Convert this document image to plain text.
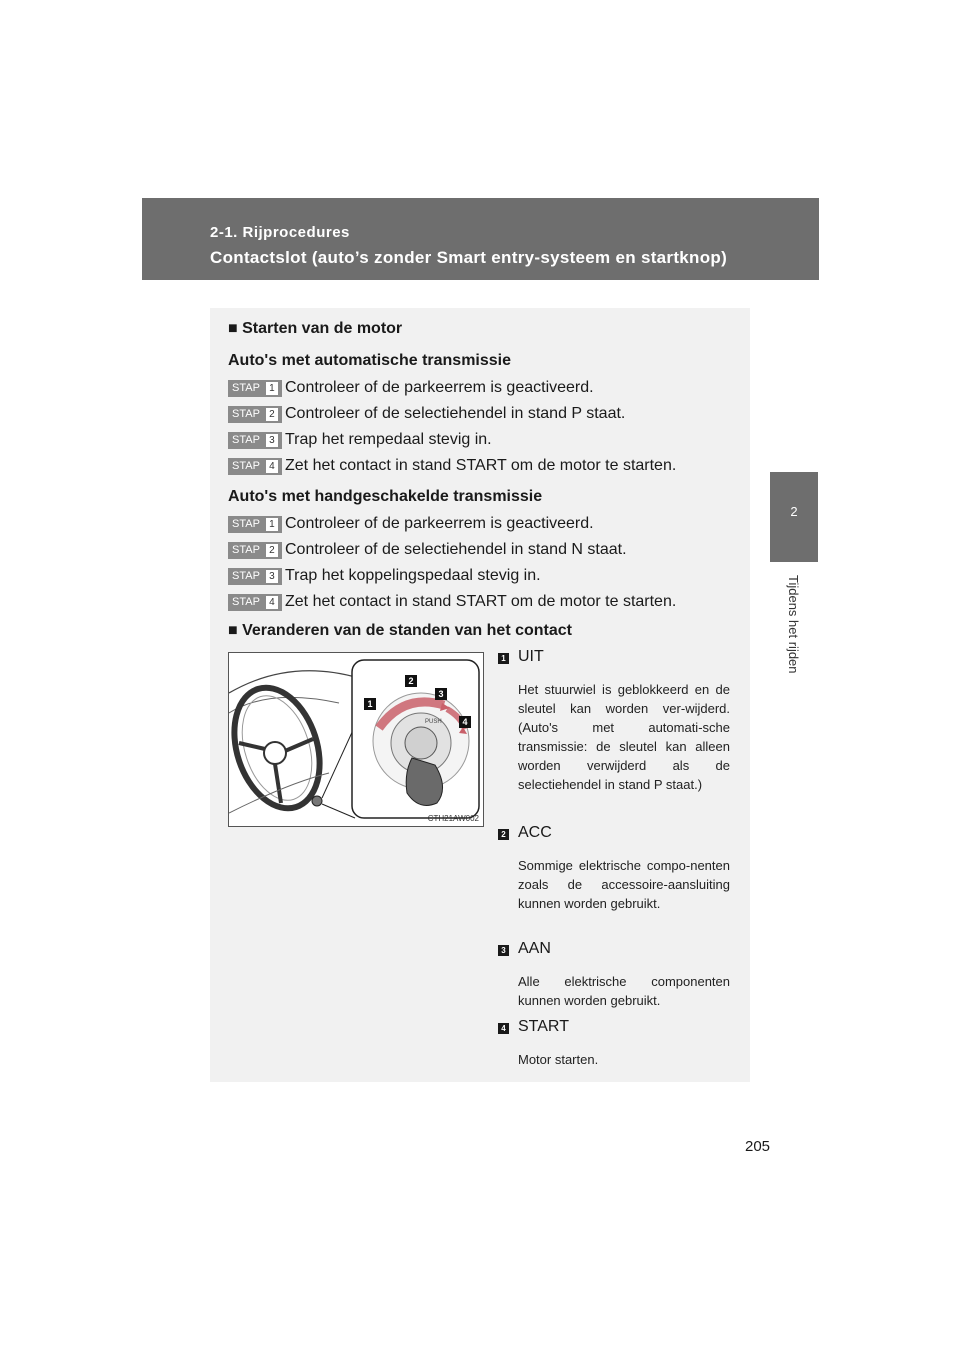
2-1. Rijprocedures
Contactslot (auto’s zonder Smart entry-systeem en startknop)
2
Tijdens het rijden
■ Starten van de motor
Auto's met automatische transmissie
STAP 1 Controleer of de parkeerrem is geactiveerd.
STAP 2 Controleer of de selectiehendel in stand P staat.
STAP 3 Trap het rempedaal stevig in.
STAP 4 Zet het contact in stand START om de motor te starten.
Auto's met handgeschakelde transmissie
STAP 1 Controleer of de parkeerrem is geactiveerd.
STAP 2 Controleer of de selectiehendel in stand N staat.
STAP 3 Trap het koppelingspedaal stevig in.
STAP 4 Zet het contact in stand START om de motor te starten.
■ Veranderen van de standen van het contact
PUSH
1
2
3
4
CTH21AW002
1 UIT
Het stuurwiel is geblokkeerd en de sleutel kan worden ver-wijderd. (Auto's met automati-sche transmissie: de sleutel kan alleen worden verwijderd als de selectiehendel in stand P staat.)
2 ACC
Sommige elektrische compo-nenten zoals de accessoire-aansluiting kunnen worden gebruikt.
3 AAN
Alle elektrische componenten kunnen worden gebruikt.
4 START
Motor starten.
205
